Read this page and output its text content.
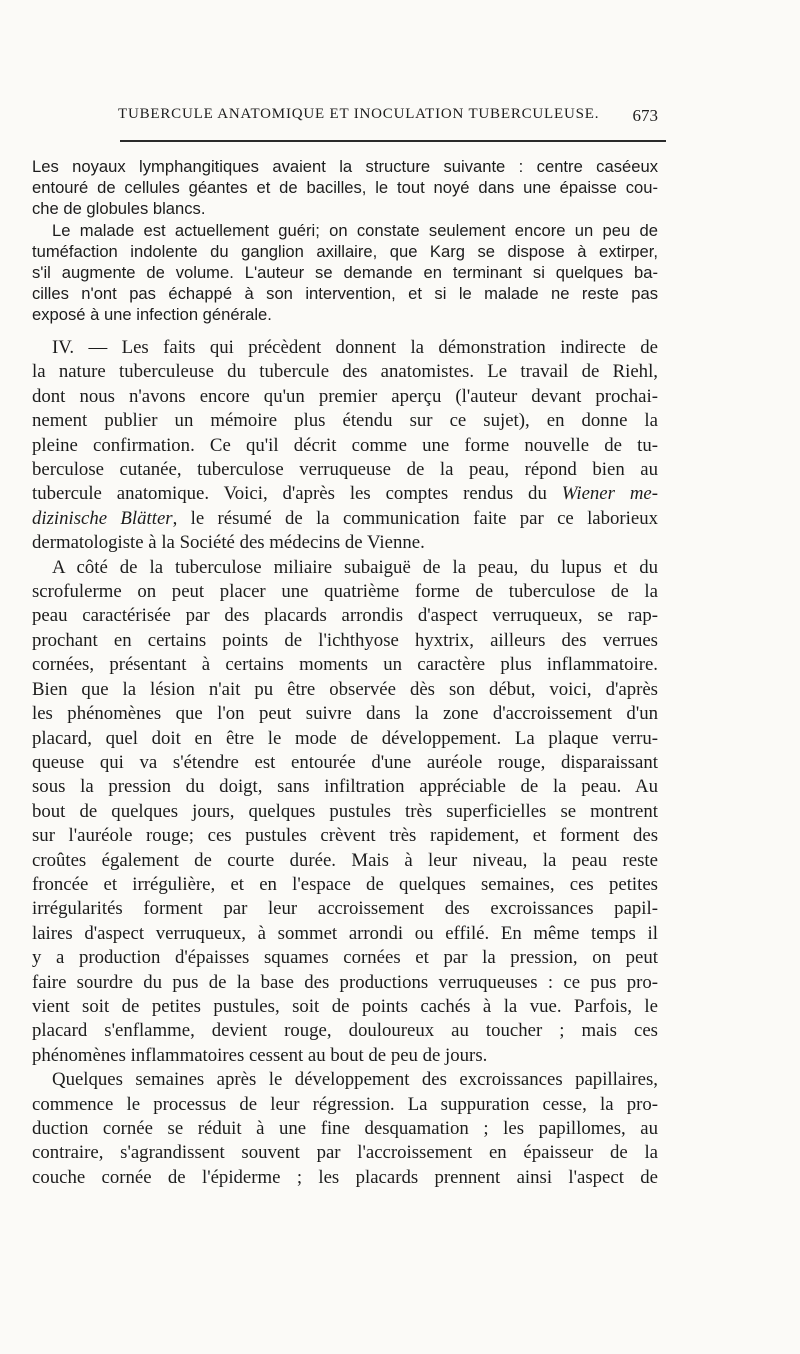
TUBERCULE ANATOMIQUE ET INOCULATION TUBERCULEUSE. 673
Les noyaux lymphangitiques avaient la structure suivante : centre caséeux
entouré de cellules géantes et de bacilles, le tout noyé dans une épaisse cou-
che de globules blancs.
Le malade est actuellement guéri; on constate seulement encore un peu de
tuméfaction indolente du ganglion axillaire, que Karg se dispose à extirper,
s'il augmente de volume. L'auteur se demande en terminant si quelques ba-
cilles n'ont pas échappé à son intervention, et si le malade ne reste pas
exposé à une infection générale.
IV. — Les faits qui précèdent donnent la démonstration indirecte de
la nature tuberculeuse du tubercule des anatomistes. Le travail de Riehl,
dont nous n'avons encore qu'un premier aperçu (l'auteur devant prochai-
nement publier un mémoire plus étendu sur ce sujet), en donne la
pleine confirmation. Ce qu'il décrit comme une forme nouvelle de tu-
berculose cutanée, tuberculose verruqueuse de la peau, répond bien au
tubercule anatomique. Voici, d'après les comptes rendus du Wiener me-
dizinische Blätter, le résumé de la communication faite par ce laborieux
dermatologiste à la Société des médecins de Vienne.
A côté de la tuberculose miliaire subaiguë de la peau, du lupus et du
scrofulerme on peut placer une quatrième forme de tuberculose de la
peau caractérisée par des placards arrondis d'aspect verruqueux, se rap-
prochant en certains points de l'ichthyose hyxtrix, ailleurs des verrues
cornées, présentant à certains moments un caractère plus inflammatoire.
Bien que la lésion n'ait pu être observée dès son début, voici, d'après
les phénomènes que l'on peut suivre dans la zone d'accroissement d'un
placard, quel doit en être le mode de développement. La plaque verru-
queuse qui va s'étendre est entourée d'une auréole rouge, disparaissant
sous la pression du doigt, sans infiltration appréciable de la peau. Au
bout de quelques jours, quelques pustules très superficielles se montrent
sur l'auréole rouge; ces pustules crèvent très rapidement, et forment des
croûtes également de courte durée. Mais à leur niveau, la peau reste
froncée et irrégulière, et en l'espace de quelques semaines, ces petites
irrégularités forment par leur accroissement des excroissances papil-
laires d'aspect verruqueux, à sommet arrondi ou effilé. En même temps il
y a production d'épaisses squames cornées et par la pression, on peut
faire sourdre du pus de la base des productions verruqueuses : ce pus pro-
vient soit de petites pustules, soit de points cachés à la vue. Parfois, le
placard s'enflamme, devient rouge, douloureux au toucher ; mais ces
phénomènes inflammatoires cessent au bout de peu de jours.
Quelques semaines après le développement des excroissances papillaires,
commence le processus de leur régression. La suppuration cesse, la pro-
duction cornée se réduit à une fine desquamation ; les papillomes, au
contraire, s'agrandissent souvent par l'accroissement en épaisseur de la
couche cornée de l'épiderme ; les placards prennent ainsi l'aspect de
